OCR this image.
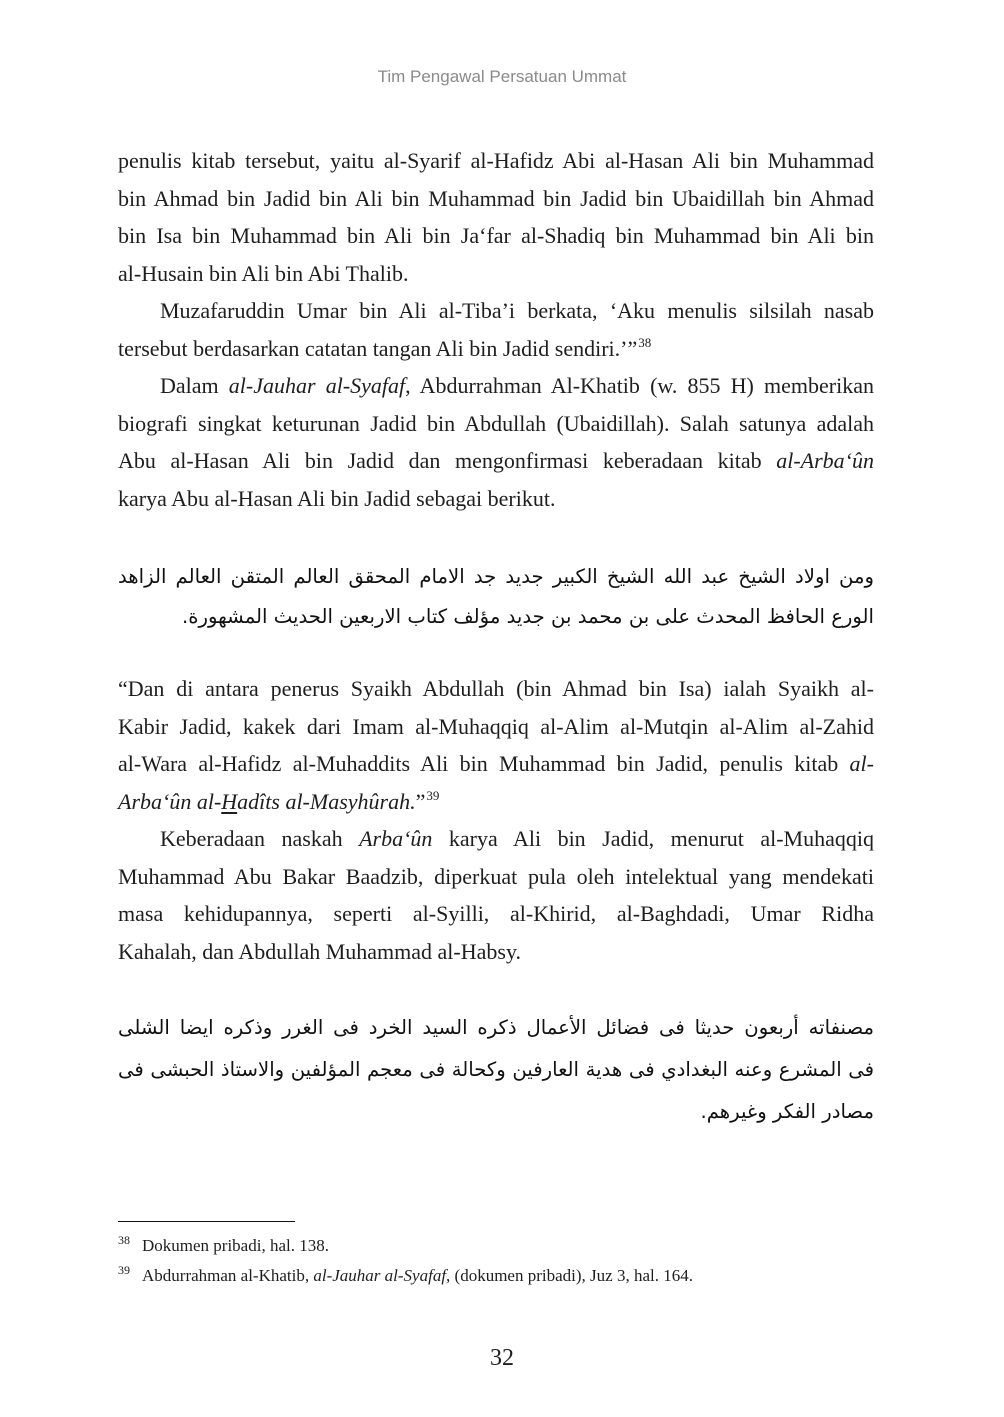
Tim Pengawal Persatuan Ummat
penulis kitab tersebut, yaitu al-Syarif al-Hafidz Abi al-Hasan Ali bin Muhammad
bin Ahmad bin Jadid bin Ali bin Muhammad bin Jadid bin Ubaidillah bin Ahmad
bin Isa bin Muhammad bin Ali bin Ja‘far al-Shadiq bin Muhammad bin Ali bin
al-Husain bin Ali bin Abi Thalib.
Muzafaruddin Umar bin Ali al-Tiba’i berkata, ‘Aku menulis silsilah nasab
tersebut berdasarkan catatan tangan Ali bin Jadid sendiri.’”$^{38}$
Dalam al-Jauhar al-Syafaf, Abdurrahman Al-Khatib (w. 855 H) memberikan
biografi singkat keturunan Jadid bin Abdullah (Ubaidillah). Salah satunya adalah
Abu al-Hasan Ali bin Jadid dan mengonfirmasi keberadaan kitab al-Arba‘ûn
karya Abu al-Hasan Ali bin Jadid sebagai berikut.
ومن اولاد الشيخ عبد الله الشيخ الكبير جديد جد الامام المحقق العالم المتقن العالم الزاهد
الورع الحافظ المحدث على بن محمد بن جديد مؤلف كتاب الاربعين الحديث المشهورة.
“Dan di antara penerus Syaikh Abdullah (bin Ahmad bin Isa) ialah Syaikh al-
Kabir Jadid, kakek dari Imam al-Muhaqqiq al-Alim al-Mutqin al-Alim al-Zahid
al-Wara al-Hafidz al-Muhaddits Ali bin Muhammad bin Jadid, penulis kitab al-
Arba‘ûn al-Hadîts al-Masyhûrah.”$^{39}$
Keberadaan naskah Arba‘ûn karya Ali bin Jadid, menurut al-Muhaqqiq
Muhammad Abu Bakar Baadzib, diperkuat pula oleh intelektual yang mendekati
masa kehidupannya, seperti al-Syilli, al-Khirid, al-Baghdadi, Umar Ridha
Kahalah, dan Abdullah Muhammad al-Habsy.
مصنفاته أربعون حديثا فى فضائل الأعمال ذكره السيد الخرد فى الغرر وذكره ايضا الشلى
فى المشرع وعنه البغدادي فى هدية العارفين وكحالة فى معجم المؤلفين والاستاذ الحبشى فى
مصادر الفكر وغيرهم.
38 Dokumen pribadi, hal. 138.
39 Abdurrahman al-Khatib, al-Jauhar al-Syafaf, (dokumen pribadi), Juz 3, hal. 164.
32
